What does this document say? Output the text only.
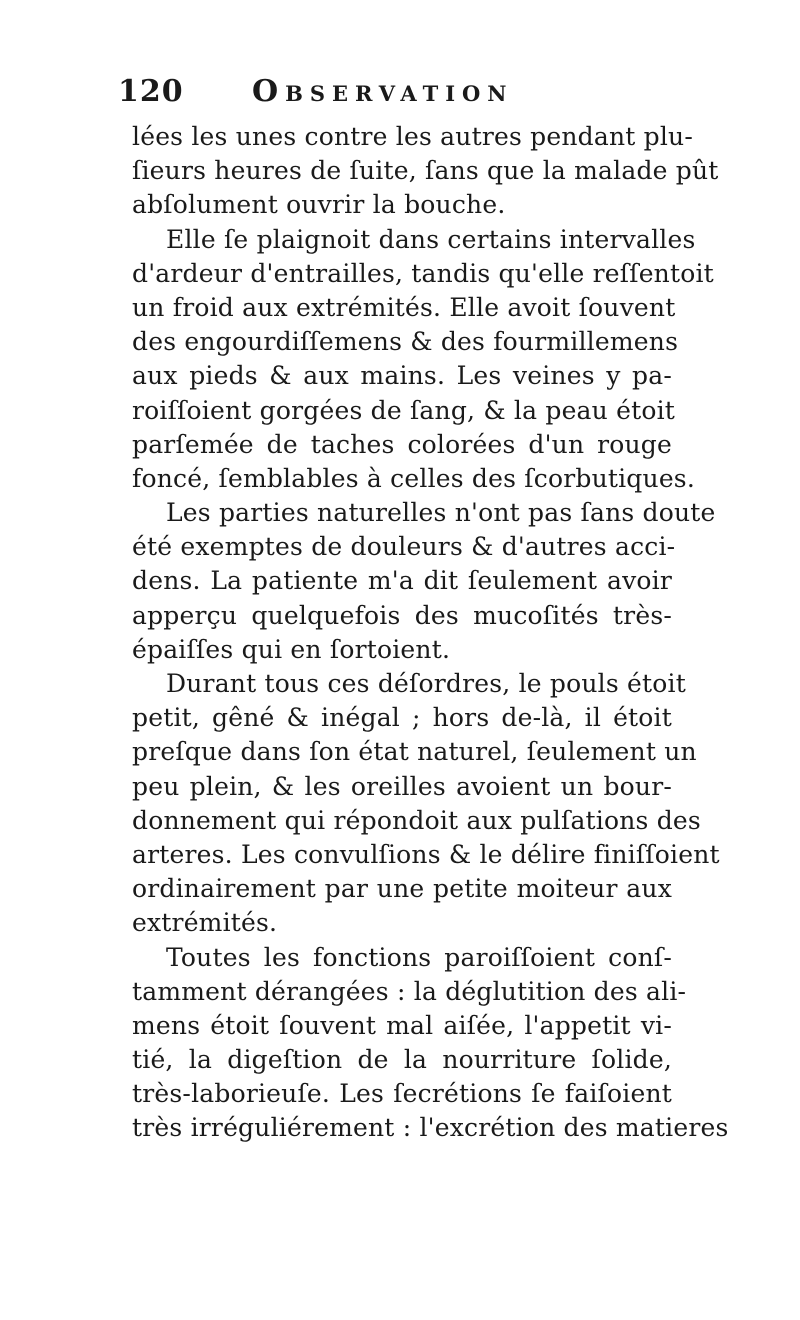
120 Observation
lées les unes contre les autres pendant plu-
ſieurs heures de ſuite, ſans que la malade pût
abſolument ouvrir la bouche.
Elle ſe plaignoit dans certains intervalles
d'ardeur d'entrailles, tandis qu'elle reſſentoit
un froid aux extrémités. Elle avoit ſouvent
des engourdiſſemens & des fourmillemens
aux pieds & aux mains. Les veines y pa-
roiſſoient gorgées de ſang, & la peau étoit
parſemée de taches colorées d'un rouge
foncé, ſemblables à celles des ſcorbutiques.
Les parties naturelles n'ont pas ſans doute
été exemptes de douleurs & d'autres acci-
dens. La patiente m'a dit ſeulement avoir
apperçu quelquefois des mucoſités très-
épaiſſes qui en ſortoient.
Durant tous ces déſordres, le pouls étoit
petit, gêné & inégal ; hors de-là, il étoit
preſque dans ſon état naturel, ſeulement un
peu plein, & les oreilles avoient un bour-
donnement qui répondoit aux pulſations des
arteres. Les convulſions & le délire finiſſoient
ordinairement par une petite moiteur aux
extrémités.
Toutes les fonctions paroiſſoient conſ-
tamment dérangées : la déglutition des ali-
mens étoit ſouvent mal aiſée, l'appetit vi-
tié, la digeſtion de la nourriture ſolide,
très-laborieuſe. Les ſecrétions ſe faiſoient
très irréguliérement : l'excrétion des matieres
